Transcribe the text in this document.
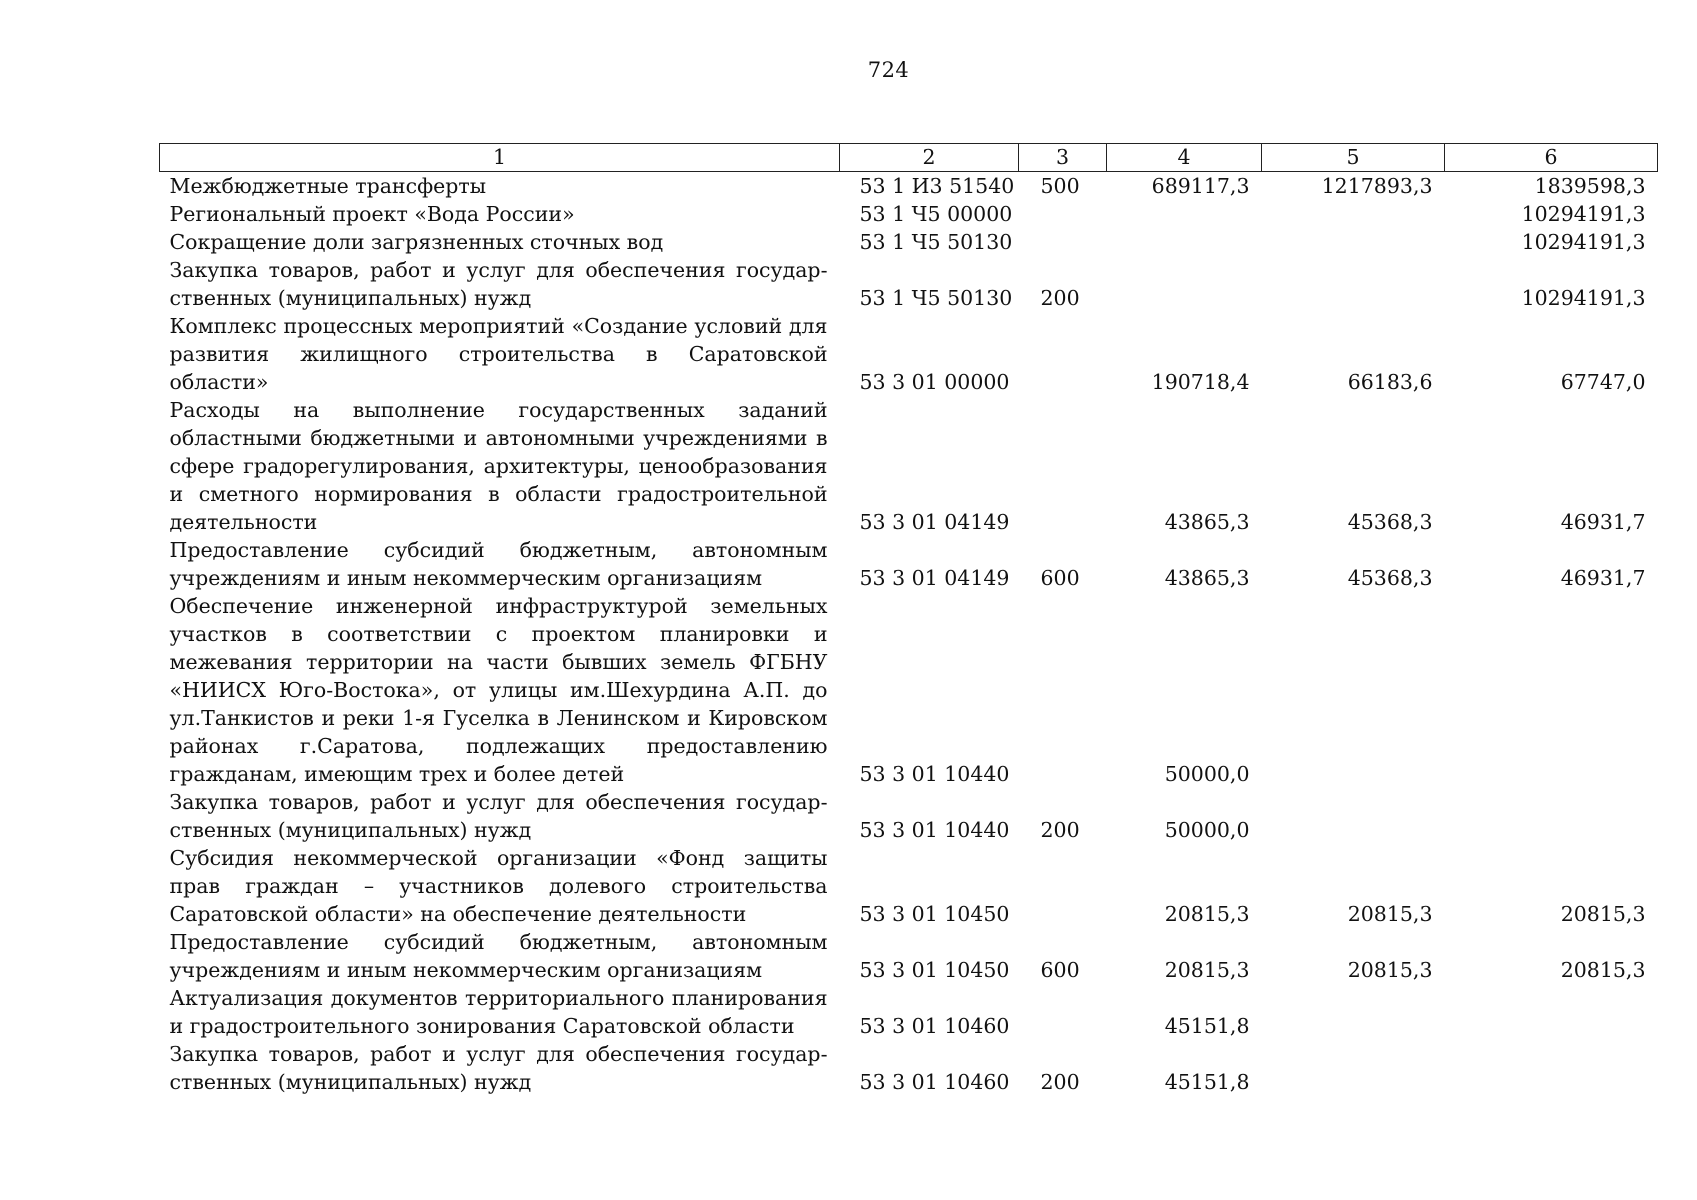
724
1	2	3	4	5	6
Межбюджетные трансферты	53 1 И3 51540	500	689117,3	1217893,3	1839598,3
Региональный проект «Вода России»	53 1 Ч5 00000				10294191,3
Сокращение доли загрязненных сточных вод	53 1 Ч5 50130				10294191,3
Закупка товаров, работ и услуг для обеспечения государственных (муниципальных) нужд	53 1 Ч5 50130	200			10294191,3
Комплекс процессных мероприятий «Создание условий для развития жилищного строительства в Саратовской области»	53 3 01 00000		190718,4	66183,6	67747,0
Расходы на выполнение государственных заданий областными бюджетными и автономными учреждениями в сфере градорегулирования, архитектуры, ценообразования и сметного нормирования в области градостроительной деятельности	53 3 01 04149		43865,3	45368,3	46931,7
Предоставление субсидий бюджетным, автономным учреждениям и иным некоммерческим организациям	53 3 01 04149	600	43865,3	45368,3	46931,7
Обеспечение инженерной инфраструктурой земельных участков в соответствии с проектом планировки и межевания территории на части бывших земель ФГБНУ «НИИСХ Юго-Востока», от улицы им.Шехурдина А.П. до ул.Танкистов и реки 1-я Гуселка в Ленинском и Кировском районах г.Саратова, подлежащих предоставлению гражданам, имеющим трех и более детей	53 3 01 10440		50000,0		
Закупка товаров, работ и услуг для обеспечения государственных (муниципальных) нужд	53 3 01 10440	200	50000,0		
Субсидия некоммерческой организации «Фонд защиты прав граждан – участников долевого строительства Саратовской области» на обеспечение деятельности	53 3 01 10450		20815,3	20815,3	20815,3
Предоставление субсидий бюджетным, автономным учреждениям и иным некоммерческим организациям	53 3 01 10450	600	20815,3	20815,3	20815,3
Актуализация документов территориального планирования и градостроительного зонирования Саратовской области	53 3 01 10460		45151,8		
Закупка товаров, работ и услуг для обеспечения государственных (муниципальных) нужд	53 3 01 10460	200	45151,8		
